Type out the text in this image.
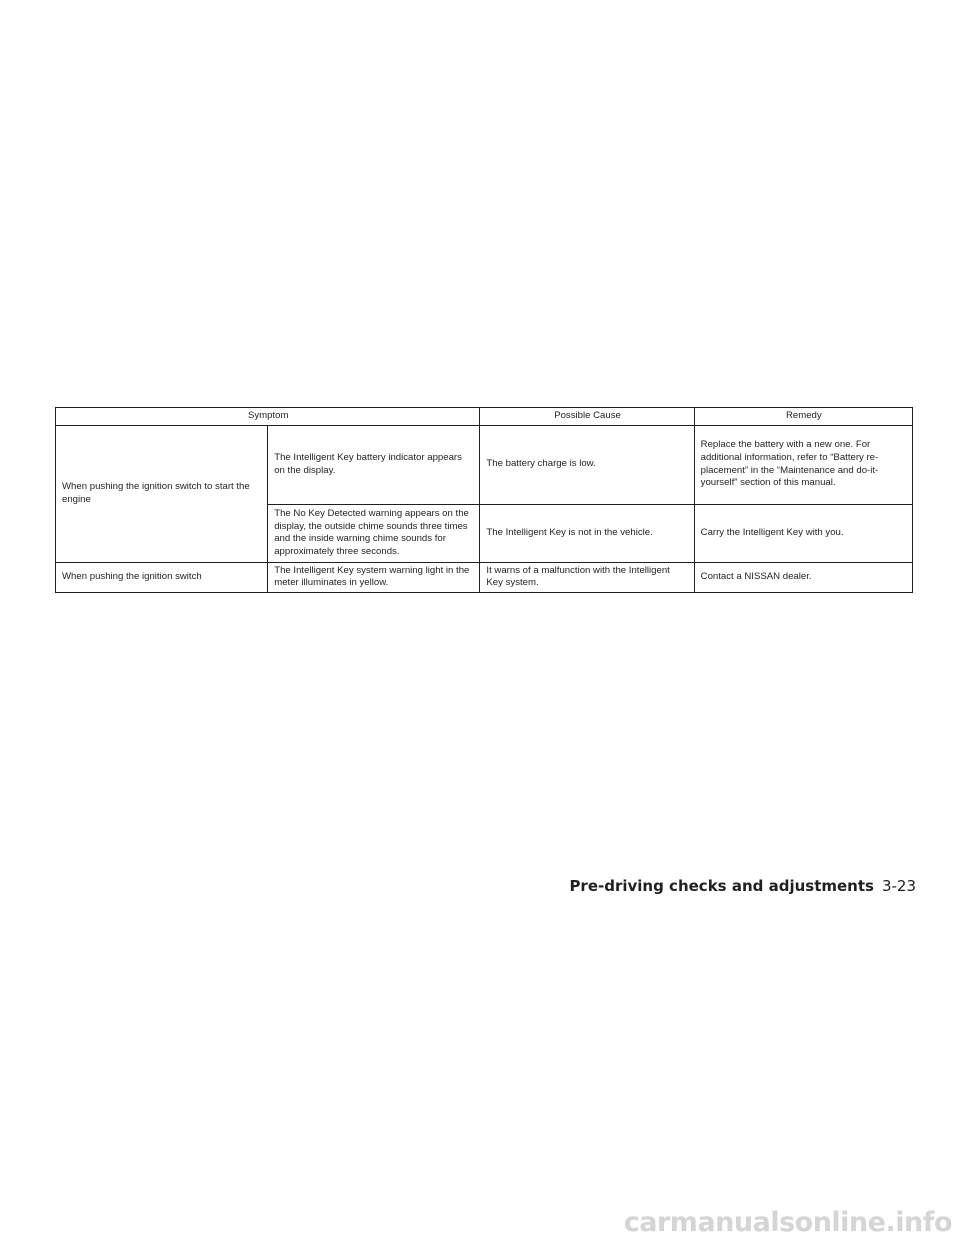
Symptom		Possible Cause	Remedy
When pushing the ignition switch to start the engine	The Intelligent Key battery indicator appears on the display.	The battery charge is low.	Replace the battery with a new one. For additional information, refer to “Battery re- placement” in the “Maintenance and do-it- yourself” section of this manual.
	The No Key Detected warning appears on the display, the outside chime sounds three times and the inside warning chime sounds for approximately three seconds.	The Intelligent Key is not in the vehicle.	Carry the Intelligent Key with you.
When pushing the ignition switch	The Intelligent Key system warning light in the meter illuminates in yellow.	It warns of a malfunction with the Intelligent Key system.	Contact a NISSAN dealer.
Pre-driving checks and adjustments 3-23
carmanualsonline.info
